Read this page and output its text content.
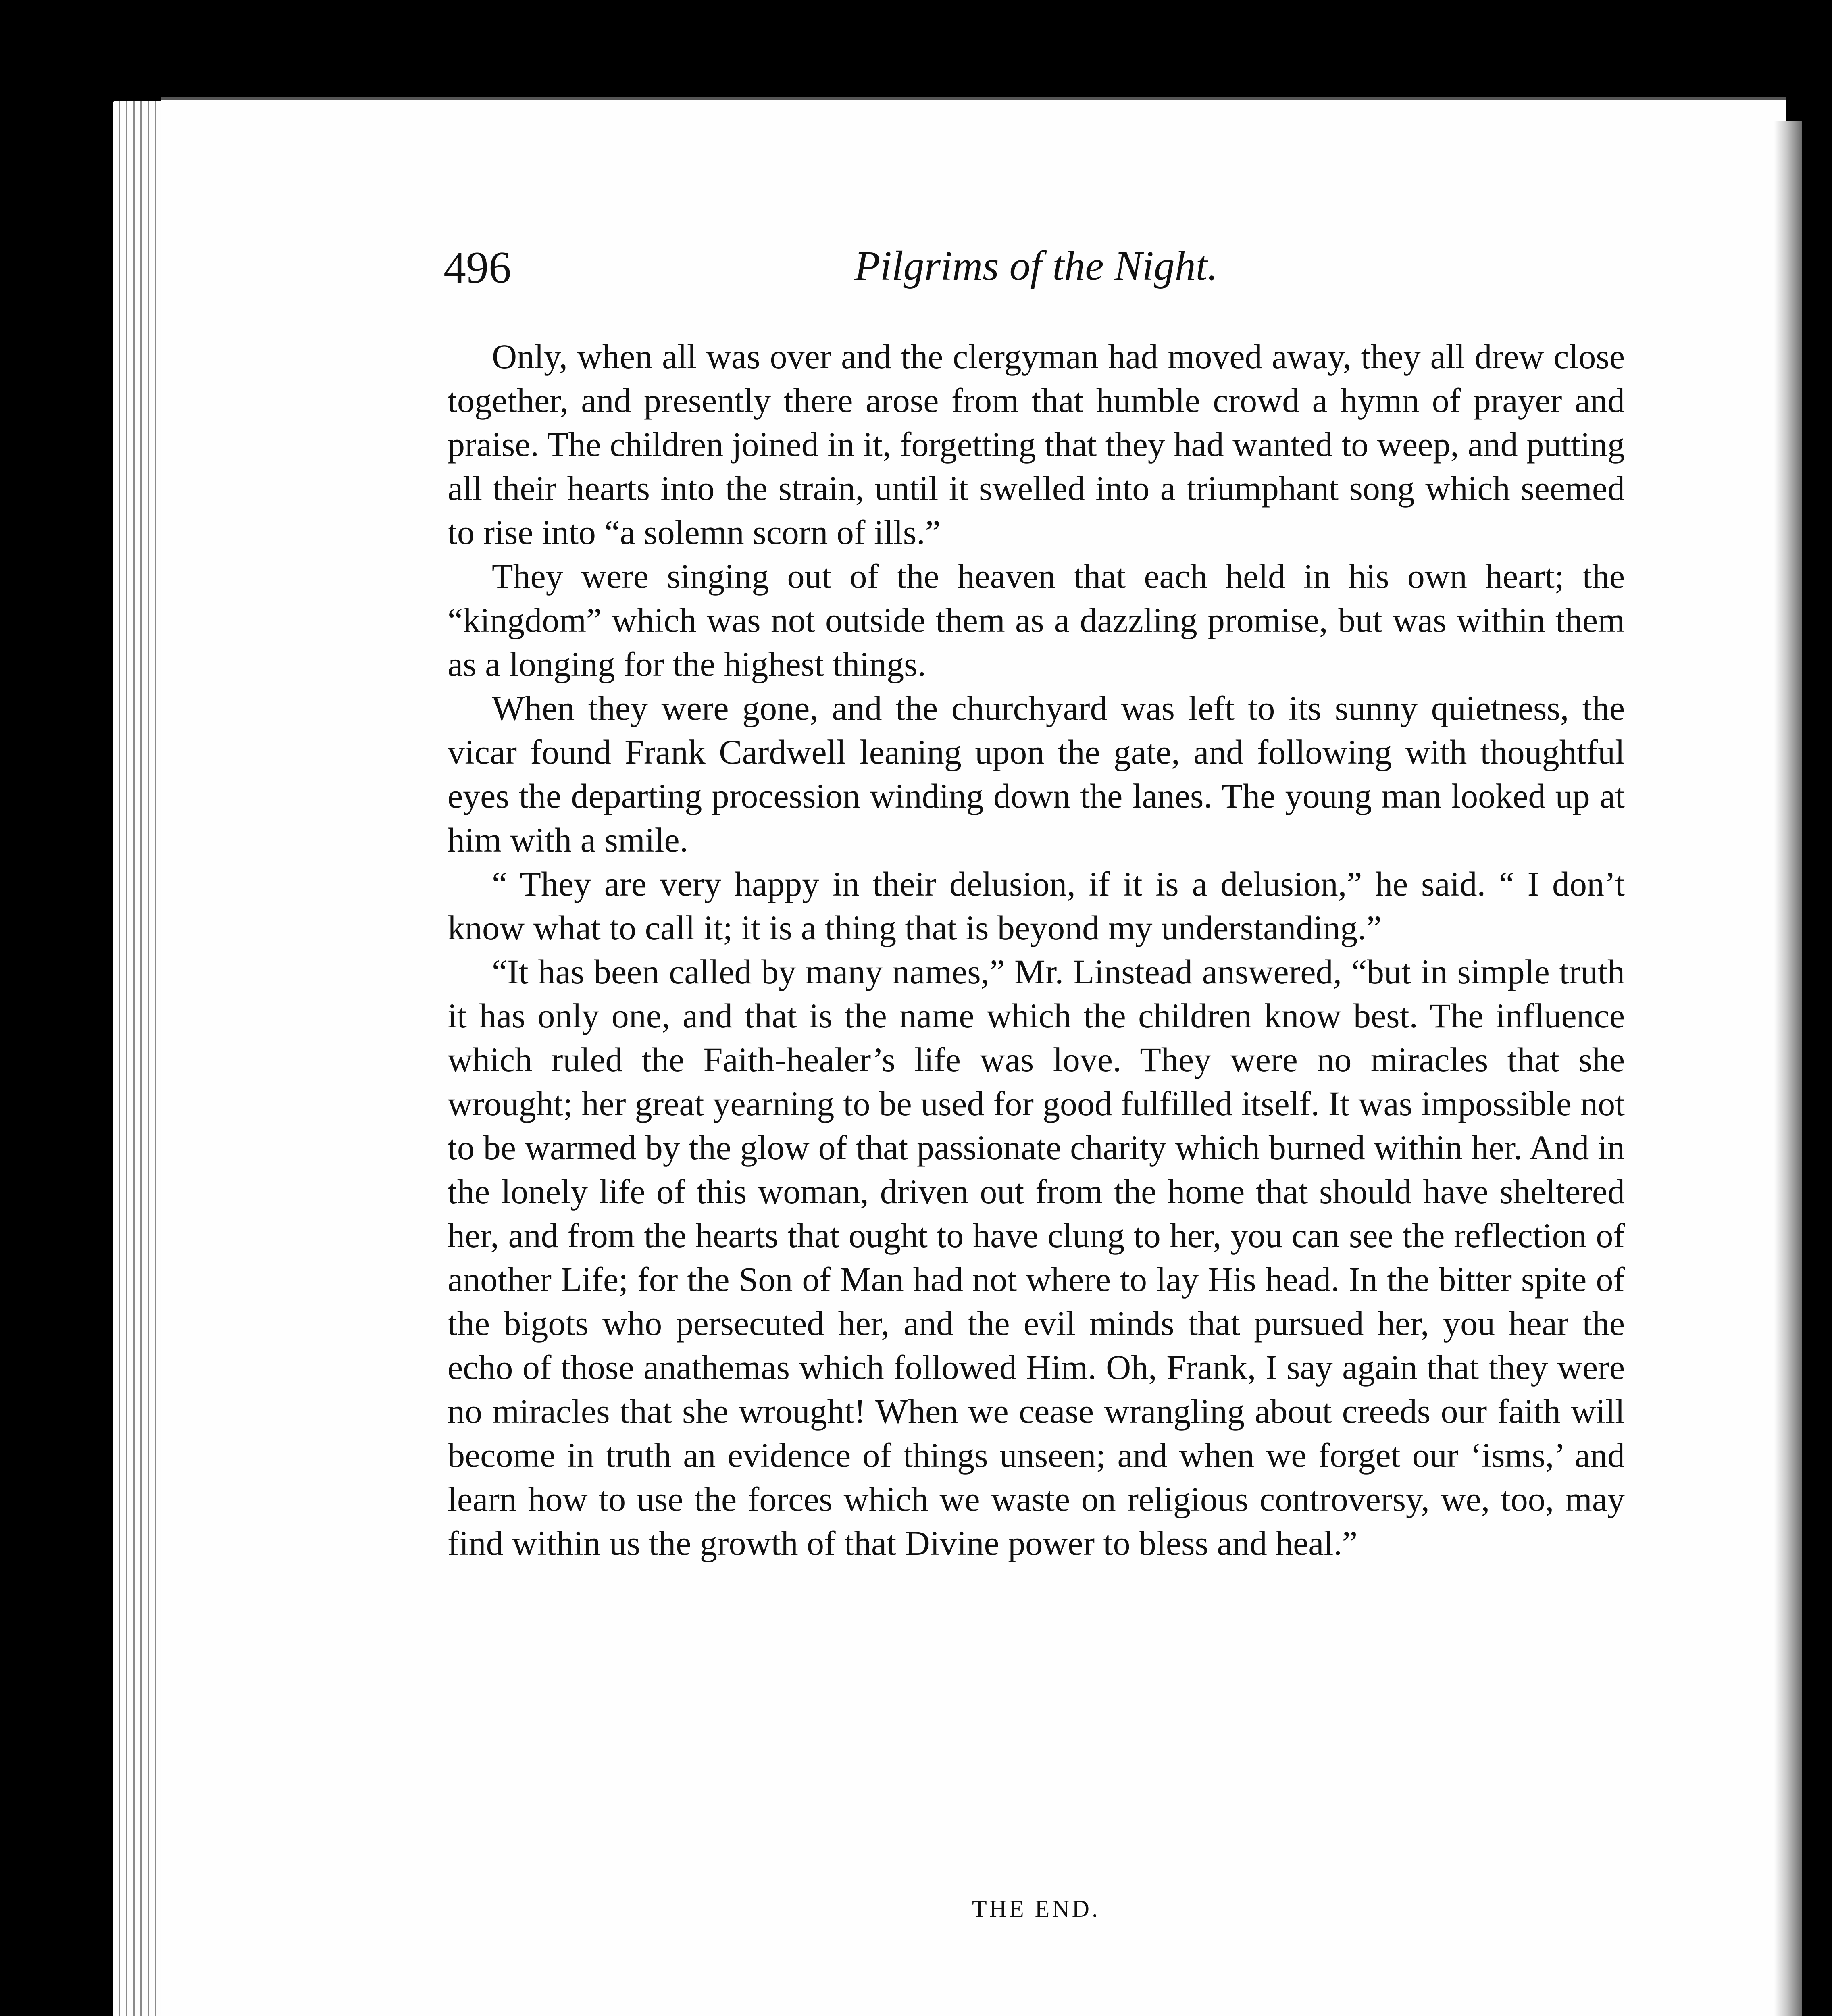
496	Pilgrims of the Night.

Only, when all was over and the clergyman had moved away, they all drew close together, and presently there arose from that humble crowd a hymn of prayer and praise. The children joined in it, forgetting that they had wanted to weep, and putting all their hearts into the strain, until it swelled into a triumphant song which seemed to rise into “a solemn scorn of ills.”

They were singing out of the heaven that each held in his own heart; the “kingdom” which was not outside them as a dazzling promise, but was within them as a longing for the highest things.

When they were gone, and the churchyard was left to its sunny quietness, the vicar found Frank Cardwell leaning upon the gate, and following with thoughtful eyes the departing procession winding down the lanes. The young man looked up at him with a smile.

“ They are very happy in their delusion, if it is a delusion,” he said. “ I don’t know what to call it; it is a thing that is beyond my understanding.”

“It has been called by many names,” Mr. Linstead answered, “but in simple truth it has only one, and that is the name which the children know best. The influence which ruled the Faith-healer’s life was love. They were no miracles that she wrought; her great yearning to be used for good fulfilled itself. It was impossible not to be warmed by the glow of that passionate charity which burned within her. And in the lonely life of this woman, driven out from the home that should have sheltered her, and from the hearts that ought to have clung to her, you can see the reflection of another Life; for the Son of Man had not where to lay His head. In the bitter spite of the bigots who persecuted her, and the evil minds that pursued her, you hear the echo of those anathemas which followed Him. Oh, Frank, I say again that they were no miracles that she wrought! When we cease wrangling about creeds our faith will become in truth an evidence of things unseen; and when we forget our ‘isms,’ and learn how to use the forces which we waste on religious controversy, we, too, may find within us the growth of that Divine power to bless and heal.”

THE END.
